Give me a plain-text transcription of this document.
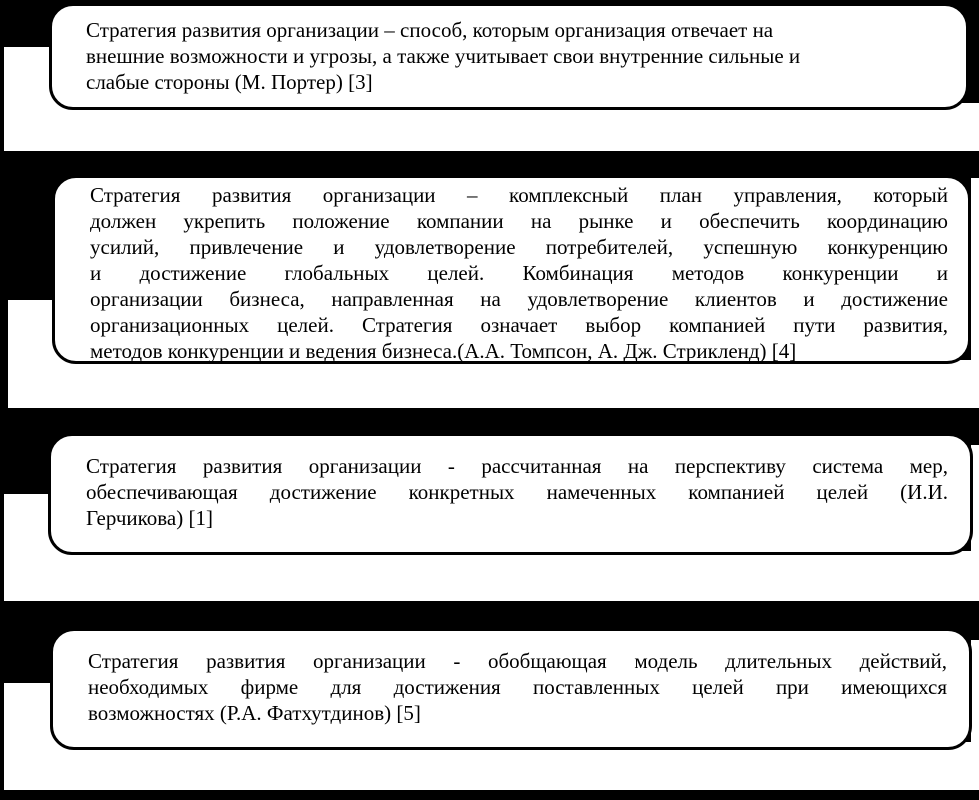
Стратегия развития организации – способ, которым организация отвечает на
внешние возможности и угрозы, а также учитывает свои внутренние сильные и
слабые стороны (М. Портер) [3]
Стратегия развития организации – комплексный план управления, который
должен укрепить положение компании на рынке и обеспечить координацию
усилий, привлечение и удовлетворение потребителей, успешную конкуренцию
и достижение глобальных целей. Комбинация методов конкуренции и
организации бизнеса, направленная на удовлетворение клиентов и достижение
организационных целей. Стратегия означает выбор компанией пути развития,
методов конкуренции и ведения бизнеса.(А.А. Томпсон, А. Дж. Стрикленд) [4]
Стратегия развития организации - рассчитанная на перспективу система мер,
обеспечивающая достижение конкретных намеченных компанией целей (И.И.
Герчикова) [1]
Стратегия развития организации - обобщающая модель длительных действий,
необходимых фирме для достижения поставленных целей при имеющихся
возможностях (Р.А. Фатхутдинов) [5]
